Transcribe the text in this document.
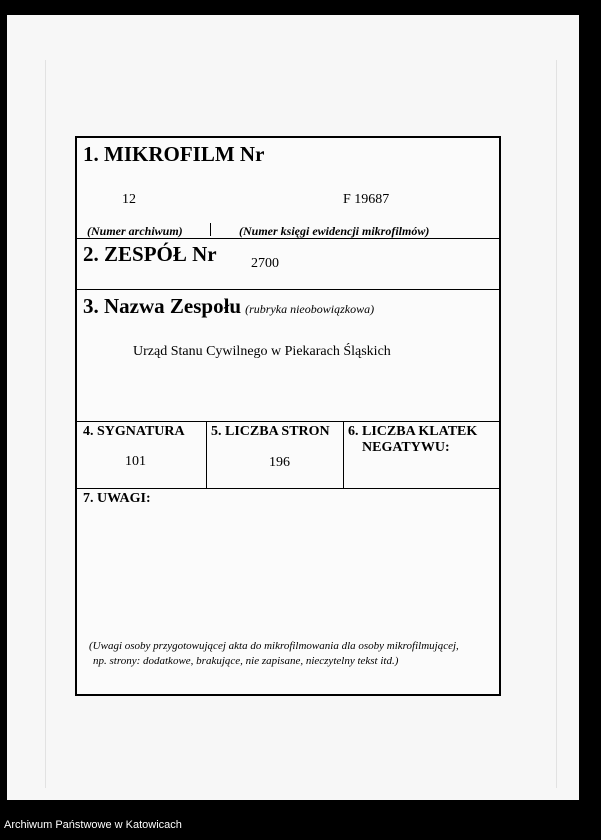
1. MIKROFILM Nr
12	F 19687
(Numer archiwum)	(Numer księgi ewidencji mikrofilmów)
2. ZESPÓŁ Nr 2700
3. Nazwa Zespołu (rubryka nieobowiązkowa)
Urząd Stanu Cywilnego w Piekarach Śląskich
4. SYGNATURA
101
5. LICZBA STRON
196
6. LICZBA KLATEK
NEGATYWU:
7. UWAGI:
(Uwagi osoby przygotowującej akta do mikrofilmowania dla osoby mikrofilmującej,
np. strony: dodatkowe, brakujące, nie zapisane, nieczytelny tekst itd.)
Archiwum Państwowe w Katowicach
